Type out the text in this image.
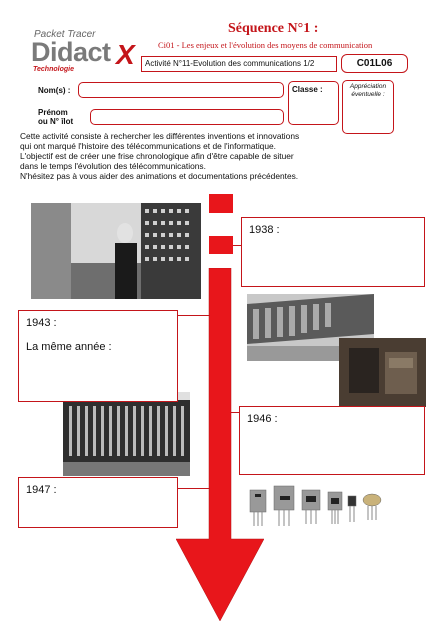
Packet Tracer
Didact X
Technologie
Séquence N°1 :
Ci01 - Les enjeux et l'évolution des moyens de communication
Activité N°11-Evolution des communications 1/2	C01L06
Nom(s) :
Prénom
ou N° îlot
Classe :	Appréciation éventuelle :
Cette activité consiste à rechercher les différentes inventions et innovations
qui ont marqué l'histoire des télécommunications et de l'informatique.
L'objectif est de créer une frise chronologique afin d'être capable de situer
dans le temps l'évolution des télécommunications.
N'hésitez pas à vous aider des animations et documentations précédentes.
1938 :
1943 :
La même année :
1946 :
1947 :
